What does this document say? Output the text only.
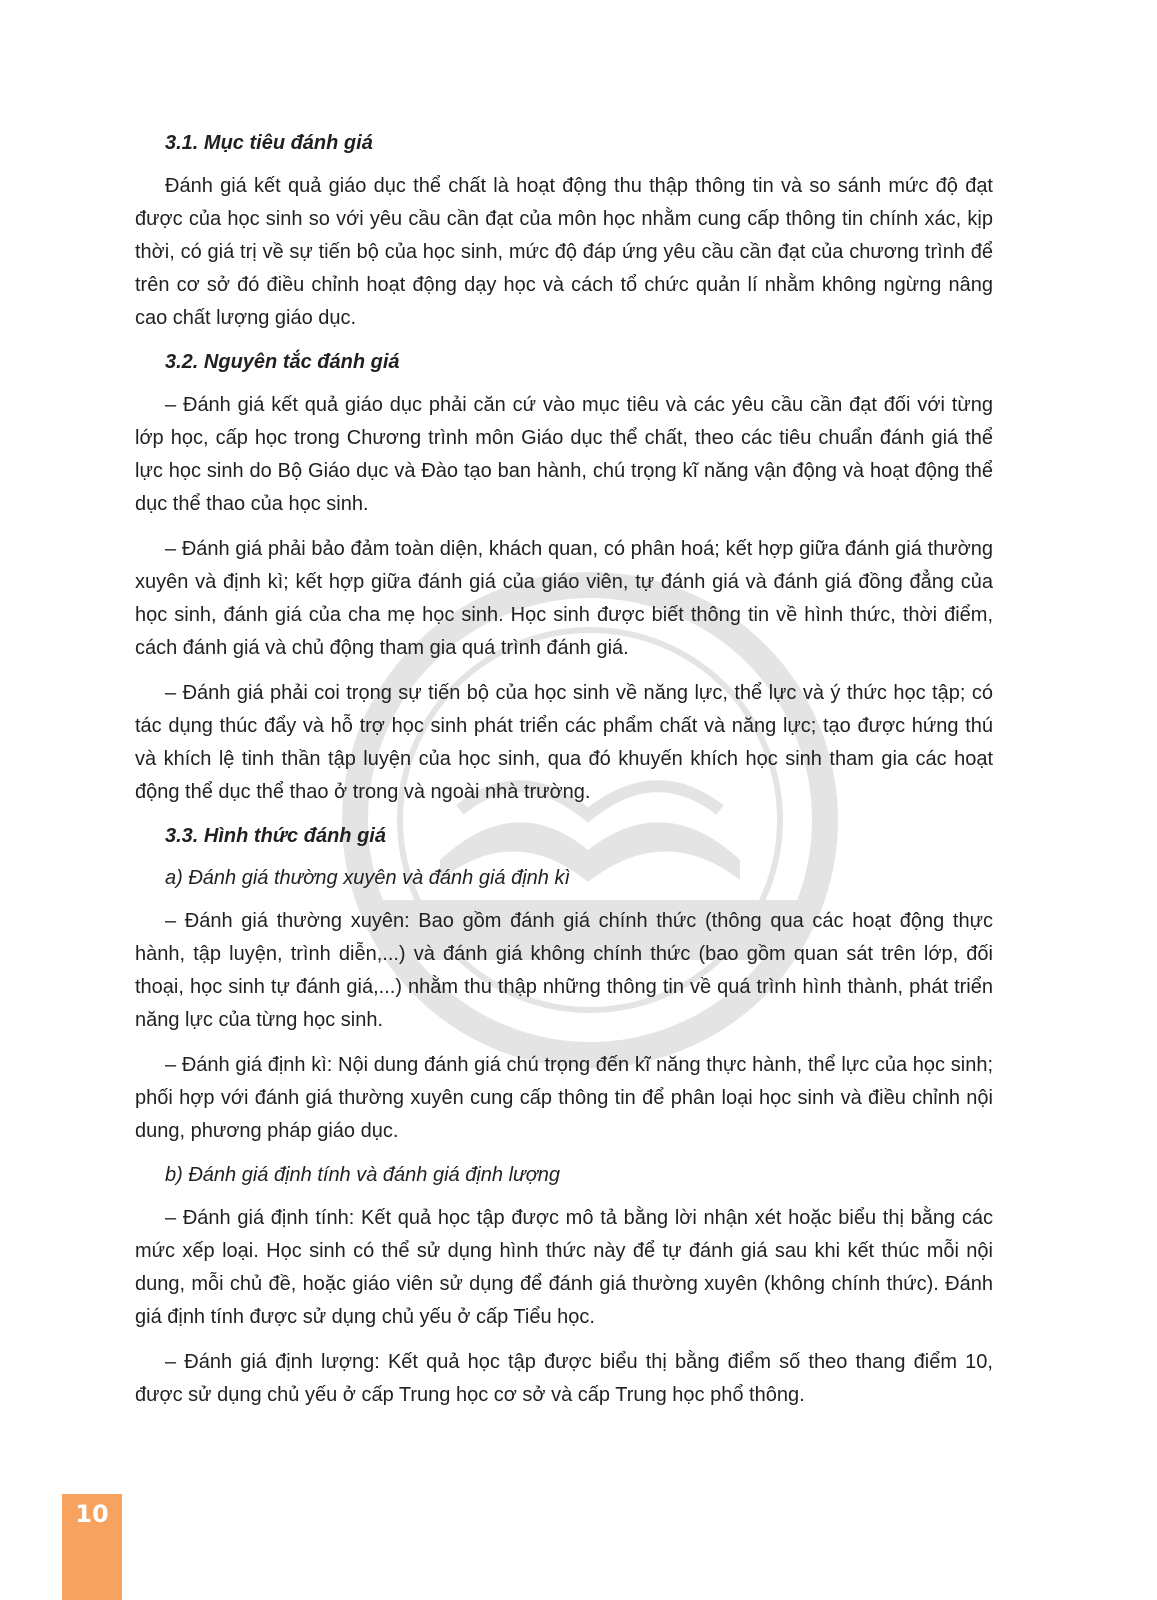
3.1. Mục tiêu đánh giá

Đánh giá kết quả giáo dục thể chất là hoạt động thu thập thông tin và so sánh mức độ đạt được của học sinh so với yêu cầu cần đạt của môn học nhằm cung cấp thông tin chính xác, kịp thời, có giá trị về sự tiến bộ của học sinh, mức độ đáp ứng yêu cầu cần đạt của chương trình để trên cơ sở đó điều chỉnh hoạt động dạy học và cách tổ chức quản lí nhằm không ngừng nâng cao chất lượng giáo dục.

3.2. Nguyên tắc đánh giá

– Đánh giá kết quả giáo dục phải căn cứ vào mục tiêu và các yêu cầu cần đạt đối với từng lớp học, cấp học trong Chương trình môn Giáo dục thể chất, theo các tiêu chuẩn đánh giá thể lực học sinh do Bộ Giáo dục và Đào tạo ban hành, chú trọng kĩ năng vận động và hoạt động thể dục thể thao của học sinh.

– Đánh giá phải bảo đảm toàn diện, khách quan, có phân hoá; kết hợp giữa đánh giá thường xuyên và định kì; kết hợp giữa đánh giá của giáo viên, tự đánh giá và đánh giá đồng đẳng của học sinh, đánh giá của cha mẹ học sinh. Học sinh được biết thông tin về hình thức, thời điểm, cách đánh giá và chủ động tham gia quá trình đánh giá.

– Đánh giá phải coi trọng sự tiến bộ của học sinh về năng lực, thể lực và ý thức học tập; có tác dụng thúc đẩy và hỗ trợ học sinh phát triển các phẩm chất và năng lực; tạo được hứng thú và khích lệ tinh thần tập luyện của học sinh, qua đó khuyến khích học sinh tham gia các hoạt động thể dục thể thao ở trong và ngoài nhà trường.

3.3. Hình thức đánh giá
a) Đánh giá thường xuyên và đánh giá định kì

– Đánh giá thường xuyên: Bao gồm đánh giá chính thức (thông qua các hoạt động thực hành, tập luyện, trình diễn,...) và đánh giá không chính thức (bao gồm quan sát trên lớp, đối thoại, học sinh tự đánh giá,...) nhằm thu thập những thông tin về quá trình hình thành, phát triển năng lực của từng học sinh.

– Đánh giá định kì: Nội dung đánh giá chú trọng đến kĩ năng thực hành, thể lực của học sinh; phối hợp với đánh giá thường xuyên cung cấp thông tin để phân loại học sinh và điều chỉnh nội dung, phương pháp giáo dục.

b) Đánh giá định tính và đánh giá định lượng

– Đánh giá định tính: Kết quả học tập được mô tả bằng lời nhận xét hoặc biểu thị bằng các mức xếp loại. Học sinh có thể sử dụng hình thức này để tự đánh giá sau khi kết thúc mỗi nội dung, mỗi chủ đề, hoặc giáo viên sử dụng để đánh giá thường xuyên (không chính thức). Đánh giá định tính được sử dụng chủ yếu ở cấp Tiểu học.

– Đánh giá định lượng: Kết quả học tập được biểu thị bằng điểm số theo thang điểm 10, được sử dụng chủ yếu ở cấp Trung học cơ sở và cấp Trung học phổ thông.

10
